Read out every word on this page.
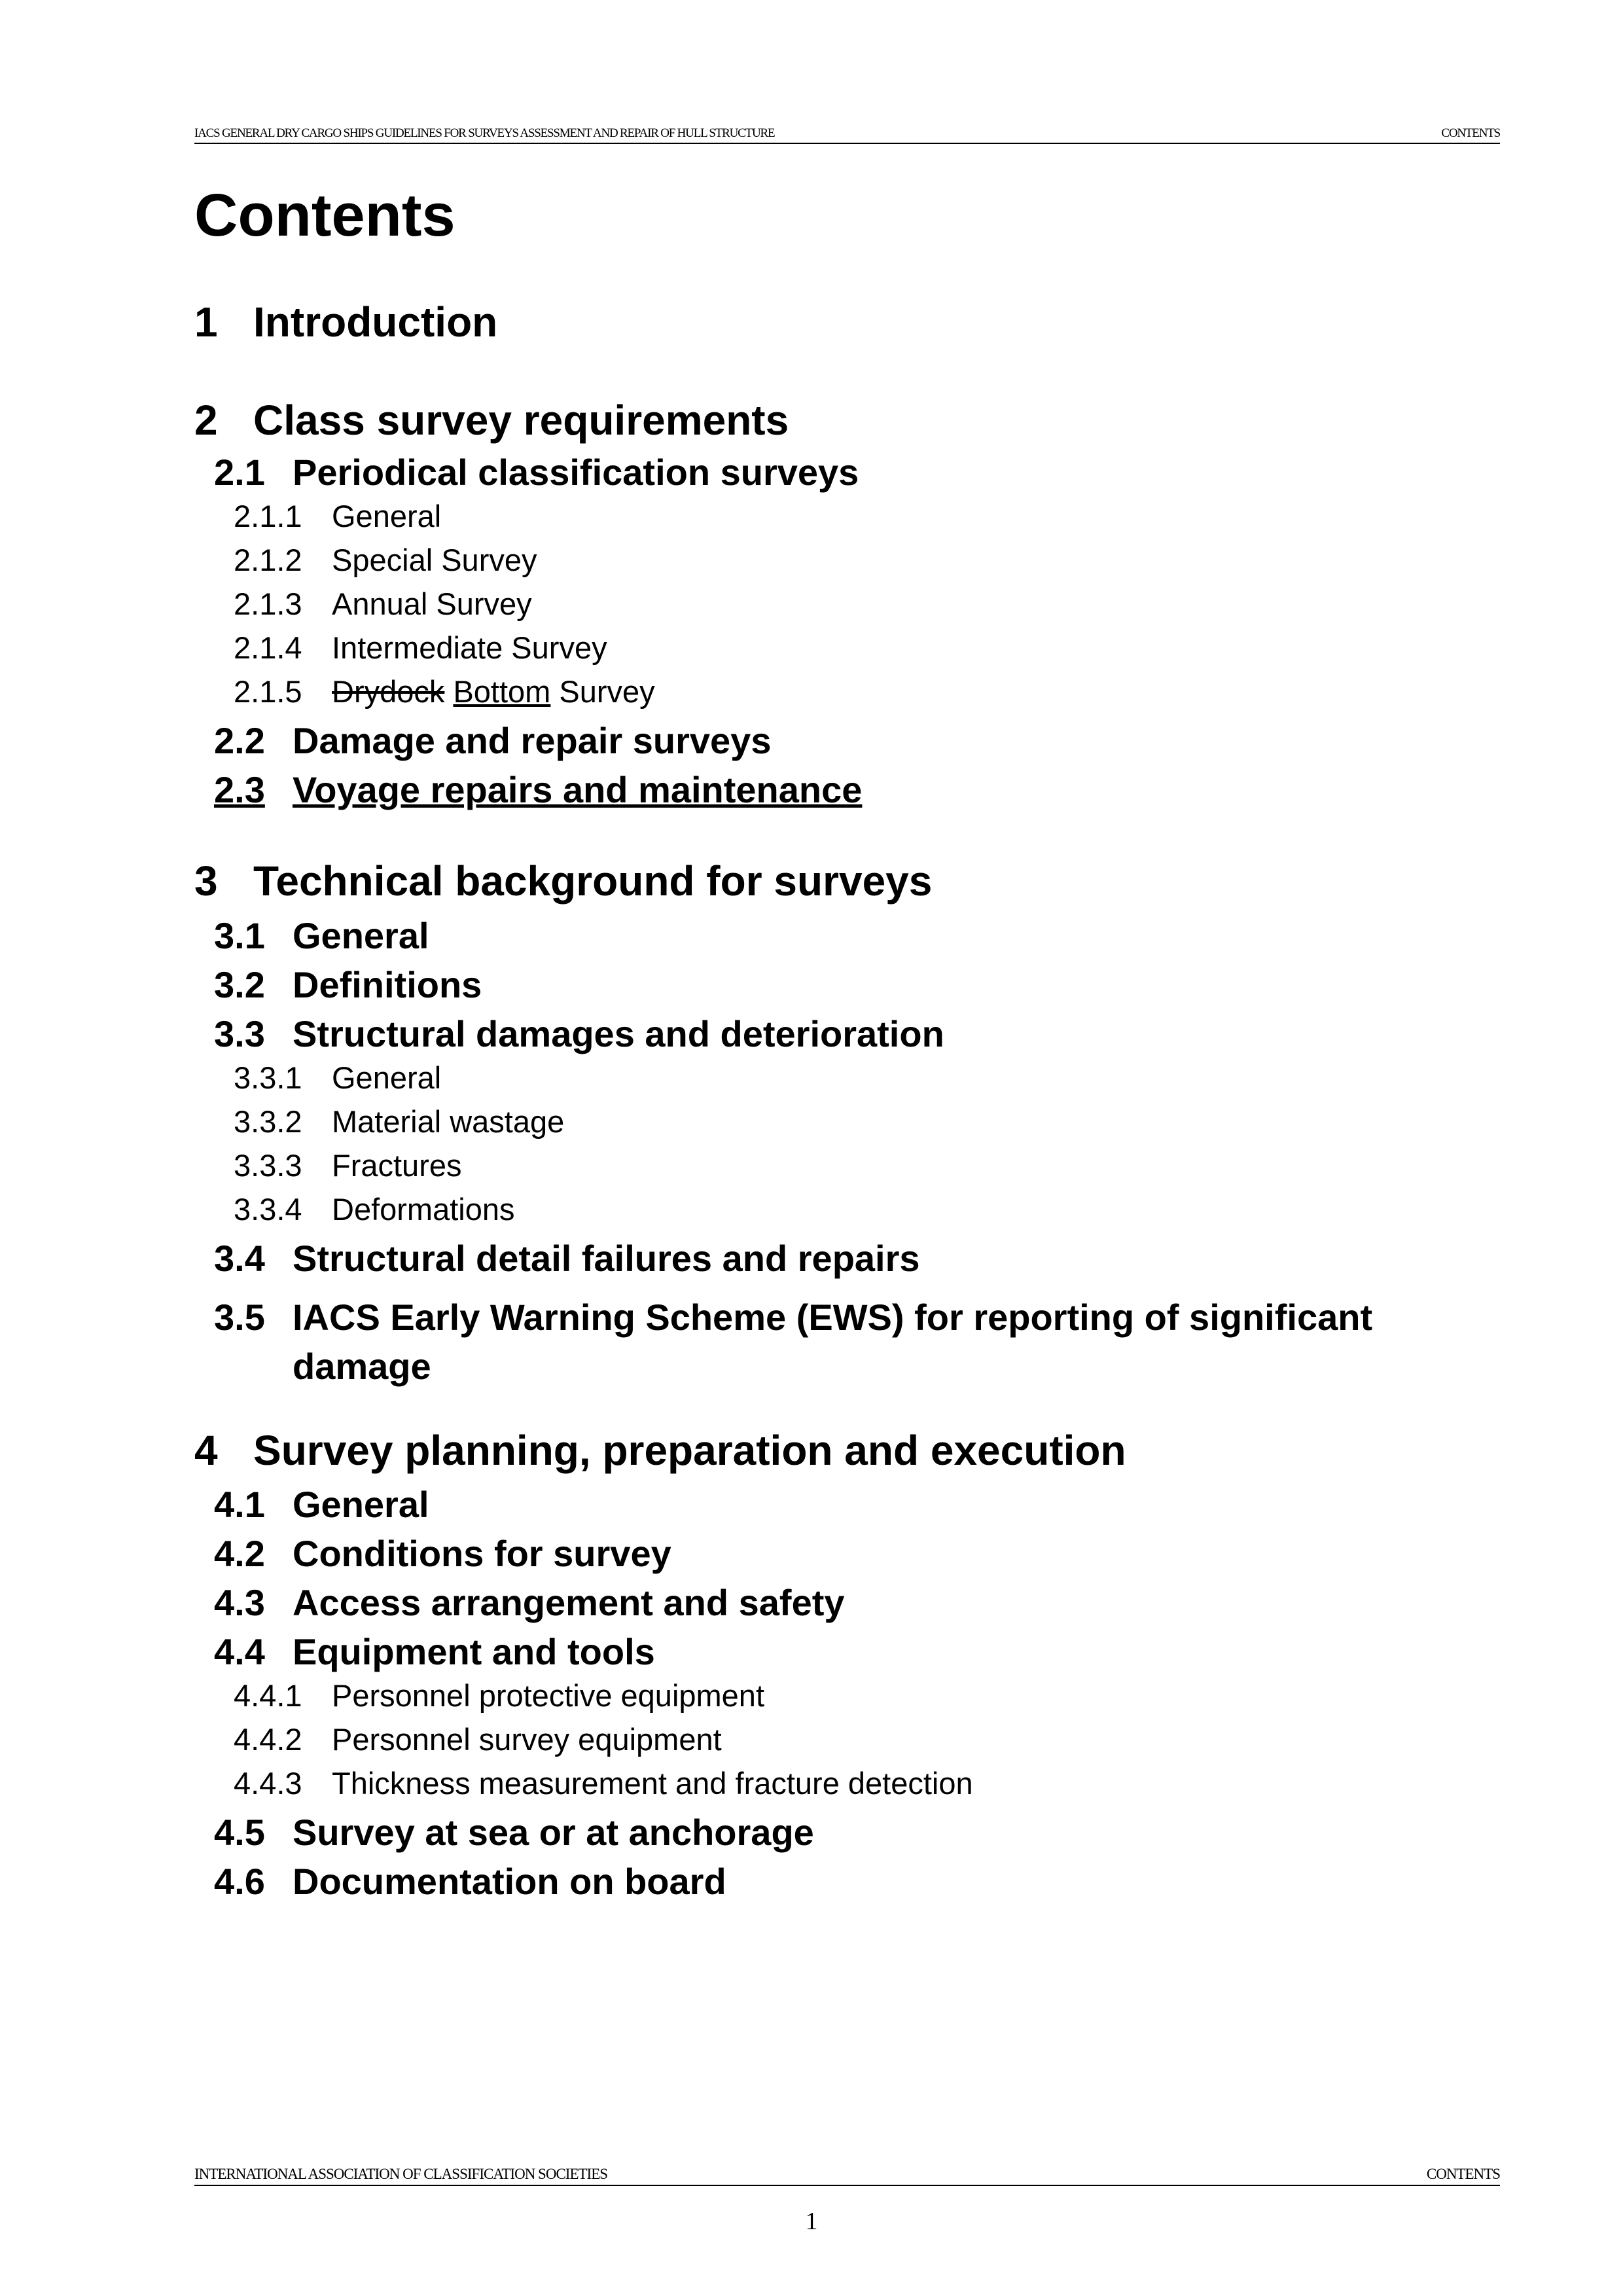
IACS GENERAL DRY CARGO SHIPS GUIDELINES FOR SURVEYS ASSESSMENT AND REPAIR OF HULL STRUCTURE	CONTENTS
Contents
1 Introduction
2 Class survey requirements
2.1 Periodical classification surveys
2.1.1 General
2.1.2 Special Survey
2.1.3 Annual Survey
2.1.4 Intermediate Survey
2.1.5 Drydock Bottom Survey
2.2 Damage and repair surveys
2.3 Voyage repairs and maintenance
3 Technical background for surveys
3.1 General
3.2 Definitions
3.3 Structural damages and deterioration
3.3.1 General
3.3.2 Material wastage
3.3.3 Fractures
3.3.4 Deformations
3.4 Structural detail failures and repairs
3.5 IACS Early Warning Scheme (EWS) for reporting of significant
damage
4 Survey planning, preparation and execution
4.1 General
4.2 Conditions for survey
4.3 Access arrangement and safety
4.4 Equipment and tools
4.4.1 Personnel protective equipment
4.4.2 Personnel survey equipment
4.4.3 Thickness measurement and fracture detection
4.5 Survey at sea or at anchorage
4.6 Documentation on board
INTERNATIONAL ASSOCIATION OF CLASSIFICATION SOCIETIES	CONTENTS
1
